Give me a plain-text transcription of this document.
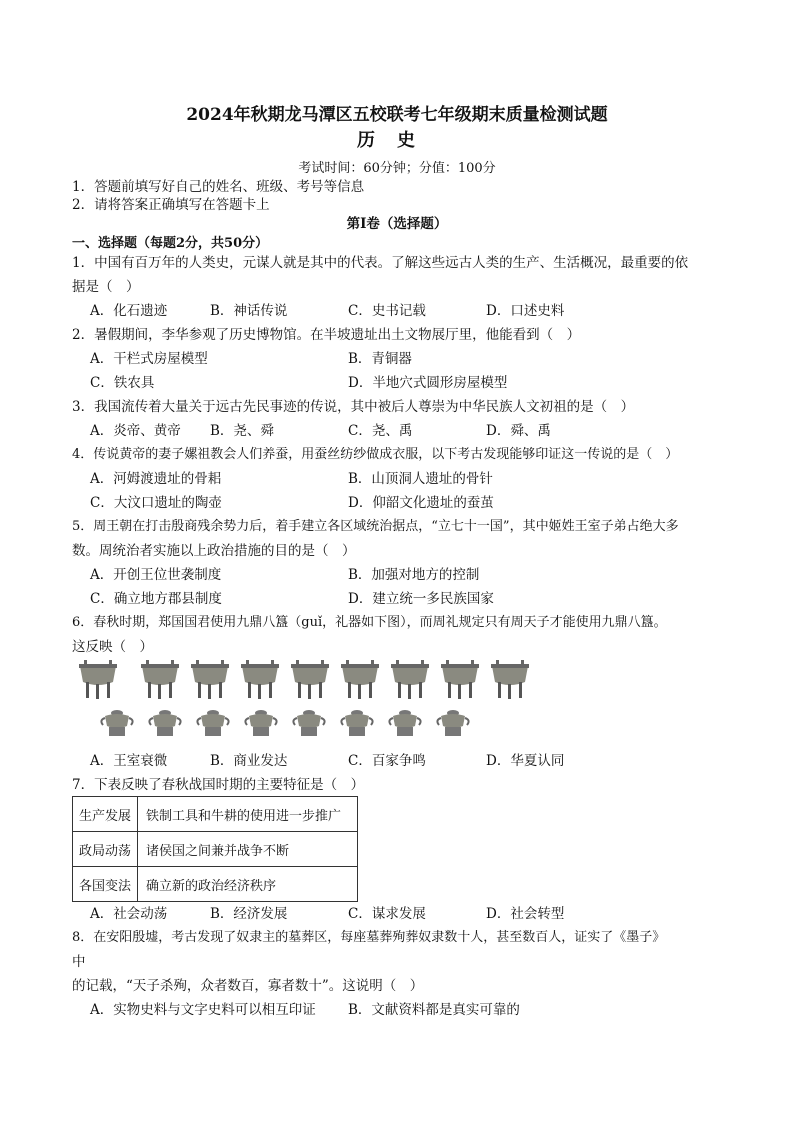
2024年秋期龙马潭区五校联考七年级期末质量检测试题
历史
考试时间：60分钟；分值：100分
1．答题前填写好自己的姓名、班级、考号等信息
2．请将答案正确填写在答题卡上
第Ⅰ卷（选择题）
一、选择题（每题2分，共50分）
1．中国有百万年的人类史，元谋人就是其中的代表。了解这些远古人类的生产、生活概况，最重要的依
据是（　）
A．化石遗迹	B．神话传说	C．史书记载	D．口述史料
2．暑假期间，李华参观了历史博物馆。在半坡遗址出土文物展厅里，他能看到（　）
A．干栏式房屋模型	B．青铜器
C．铁农具	D．半地穴式圆形房屋模型
3．我国流传着大量关于远古先民事迹的传说，其中被后人尊崇为中华民族人文初祖的是（　）
A．炎帝、黄帝 B．尧、舜	C．尧、禹	D．舜、禹
4．传说黄帝的妻子嫘祖教会人们养蚕，用蚕丝纺纱做成衣服，以下考古发现能够印证这一传说的是（　）
A．河姆渡遗址的骨耜	B．山顶洞人遗址的骨针
C．大汶口遗址的陶壶	D．仰韶文化遗址的蚕茧
5．周王朝在打击殷商残余势力后，着手建立各区域统治据点，“立七十一国”，其中姬姓王室子弟占绝大多
数。周统治者实施以上政治措施的目的是（　）
A．开创王位世袭制度	B．加强对地方的控制
C．确立地方郡县制度	D．建立统一多民族国家
6．春秋时期，郑国国君使用九鼎八簋（guǐ，礼器如下图），而周礼规定只有周天子才能使用九鼎八簋。
这反映（　）
A．王室衰微	B．商业发达	C．百家争鸣	D．华夏认同
7．下表反映了春秋战国时期的主要特征是（　）
生产发展	铁制工具和牛耕的使用进一步推广
政局动荡	诸侯国之间兼并战争不断
各国变法	确立新的政治经济秩序
A．社会动荡	B．经济发展	C．谋求发展	D．社会转型
8．在安阳殷墟，考古发现了奴隶主的墓葬区，每座墓葬殉葬奴隶数十人，甚至数百人，证实了《墨子》
中
的记载，“天子杀殉，众者数百，寡者数十”。这说明（　）
A．实物史料与文字史料可以相互印证 B．文献资料都是真实可靠的
